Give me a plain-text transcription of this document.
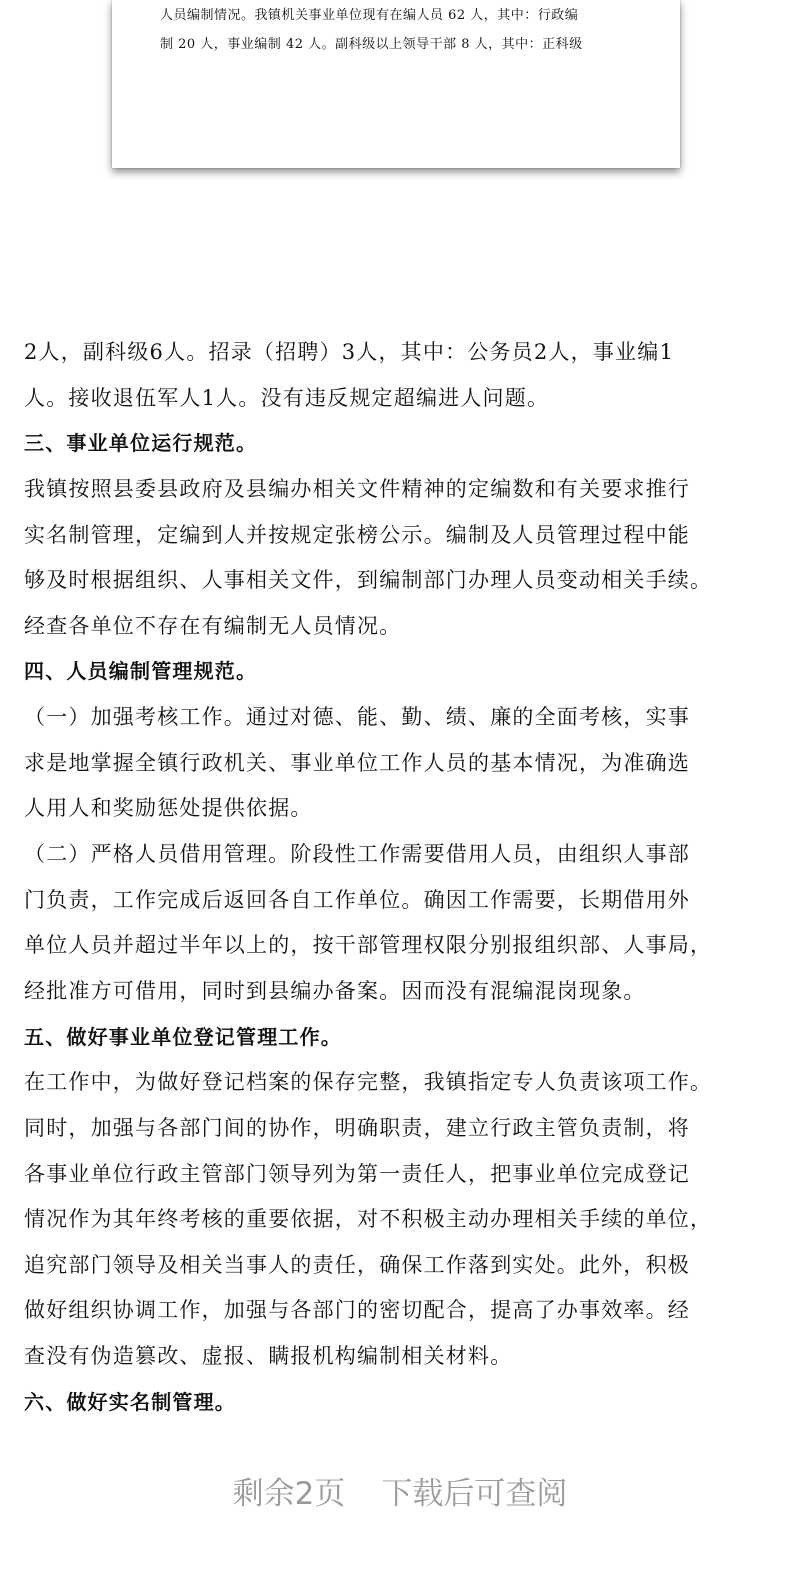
人员编制情况。我镇机关事业单位现有在编人员 62 人，其中：行政编
制 20 人，事业编制 42 人。副科级以上领导干部 8 人，其中：正科级
2人，副科级6人。招录（招聘）3人，其中：公务员2人，事业编1
人。接收退伍军人1人。没有违反规定超编进人问题。
三、事业单位运行规范。
我镇按照县委县政府及县编办相关文件精神的定编数和有关要求推行
实名制管理，定编到人并按规定张榜公示。编制及人员管理过程中能
够及时根据组织、人事相关文件，到编制部门办理人员变动相关手续。
经查各单位不存在有编制无人员情况。
四、人员编制管理规范。
（一）加强考核工作。通过对德、能、勤、绩、廉的全面考核，实事
求是地掌握全镇行政机关、事业单位工作人员的基本情况，为准确选
人用人和奖励惩处提供依据。
（二）严格人员借用管理。阶段性工作需要借用人员，由组织人事部
门负责，工作完成后返回各自工作单位。确因工作需要，长期借用外
单位人员并超过半年以上的，按干部管理权限分别报组织部、人事局，
经批准方可借用，同时到县编办备案。因而没有混编混岗现象。
五、做好事业单位登记管理工作。
在工作中，为做好登记档案的保存完整，我镇指定专人负责该项工作。
同时，加强与各部门间的协作，明确职责，建立行政主管负责制，将
各事业单位行政主管部门领导列为第一责任人，把事业单位完成登记
情况作为其年终考核的重要依据，对不积极主动办理相关手续的单位，
追究部门领导及相关当事人的责任，确保工作落到实处。此外，积极
做好组织协调工作，加强与各部门的密切配合，提高了办事效率。经
查没有伪造篡改、虚报、瞒报机构编制相关材料。
六、做好实名制管理。
剩余2页 下载后可查阅
